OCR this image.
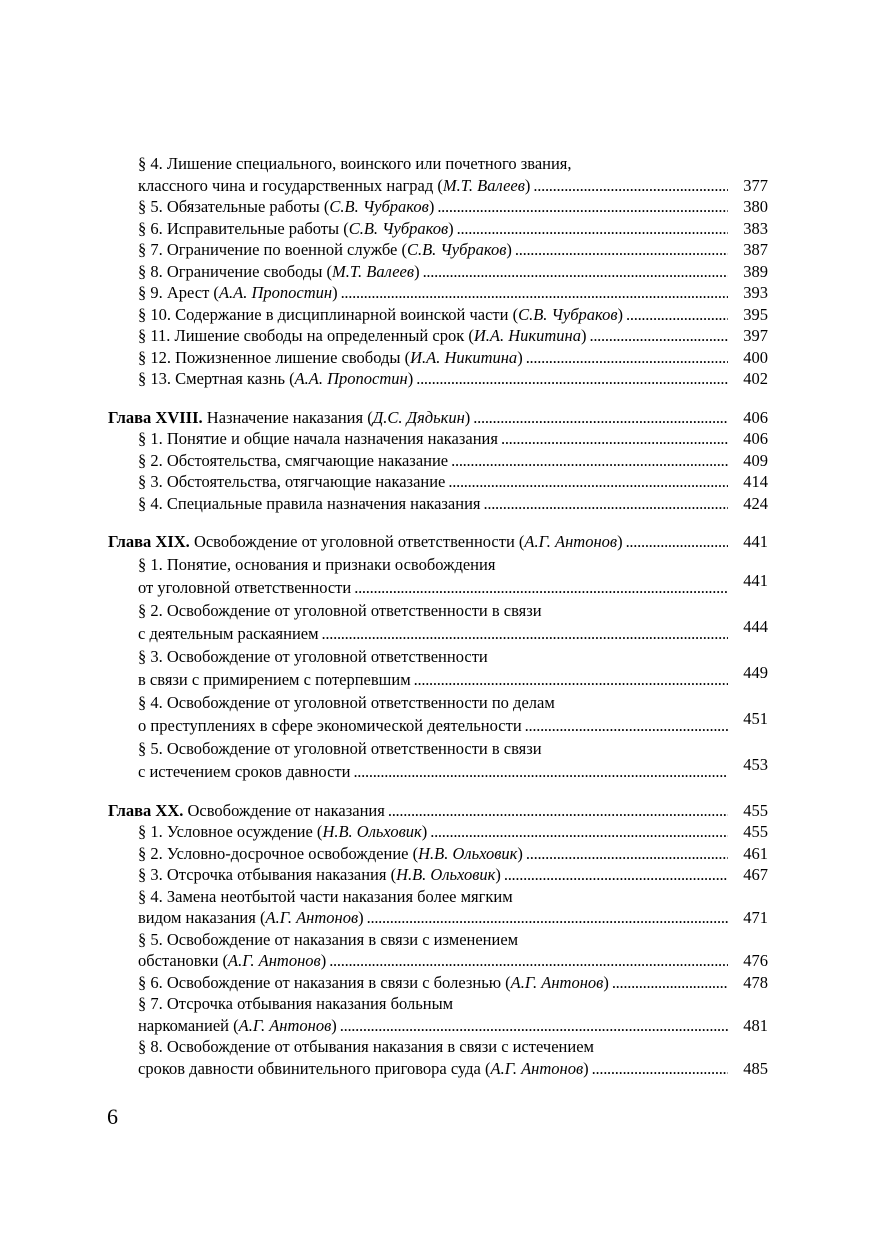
§ 4. Лишение специального, воинского или почетного звания,
классного чина и государственных наград (М.Т. Валеев) . . .	377
§ 5. Обязательные работы (С.В. Чубраков) . . .	380
§ 6. Исправительные работы (С.В. Чубраков) . . .	383
§ 7. Ограничение по военной службе (С.В. Чубраков) . . .	387
§ 8. Ограничение свободы (М.Т. Валеев) . . .	389
§ 9. Арест (А.А. Пропостин) . . .	393
§ 10. Содержание в дисциплинарной воинской части (С.В. Чубраков) . . .	395
§ 11. Лишение свободы на определенный срок (И.А. Никитина) . . .	397
§ 12. Пожизненное лишение свободы (И.А. Никитина) . . .	400
§ 13. Смертная казнь (А.А. Пропостин) . . .	402
Глава XVIII. Назначение наказания (Д.С. Дядькин) . . .	406
§ 1. Понятие и общие начала назначения наказания . . .	406
§ 2. Обстоятельства, смягчающие наказание . . .	409
§ 3. Обстоятельства, отягчающие наказание . . .	414
§ 4. Специальные правила назначения наказания . . .	424
Глава XIX. Освобождение от уголовной ответственности (А.Г. Антонов) . . .	441
§ 1. Понятие, основания и признаки освобождения
от уголовной ответственности . . .	441
§ 2. Освобождение от уголовной ответственности в связи
с деятельным раскаянием . . .	444
§ 3. Освобождение от уголовной ответственности
в связи с примирением с потерпевшим . . .	449
§ 4. Освобождение от уголовной ответственности по делам
о преступлениях в сфере экономической деятельности . . .	451
§ 5. Освобождение от уголовной ответственности в связи
с истечением сроков давности . . .	453
Глава XX. Освобождение от наказания . . .	455
§ 1. Условное осуждение (Н.В. Ольховик) . . .	455
§ 2. Условно-досрочное освобождение (Н.В. Ольховик) . . .	461
§ 3. Отсрочка отбывания наказания (Н.В. Ольховик) . . .	467
§ 4. Замена неотбытой части наказания более мягким
видом наказания (А.Г. Антонов) . . .	471
§ 5. Освобождение от наказания в связи с изменением
обстановки (А.Г. Антонов) . . .	476
§ 6. Освобождение от наказания в связи с болезнью (А.Г. Антонов) . . .	478
§ 7. Отсрочка отбывания наказания больным
наркоманией (А.Г. Антонов) . . .	481
§ 8. Освобождение от отбывания наказания в связи с истечением
сроков давности обвинительного приговора суда (А.Г. Антонов) . . .	485
6
